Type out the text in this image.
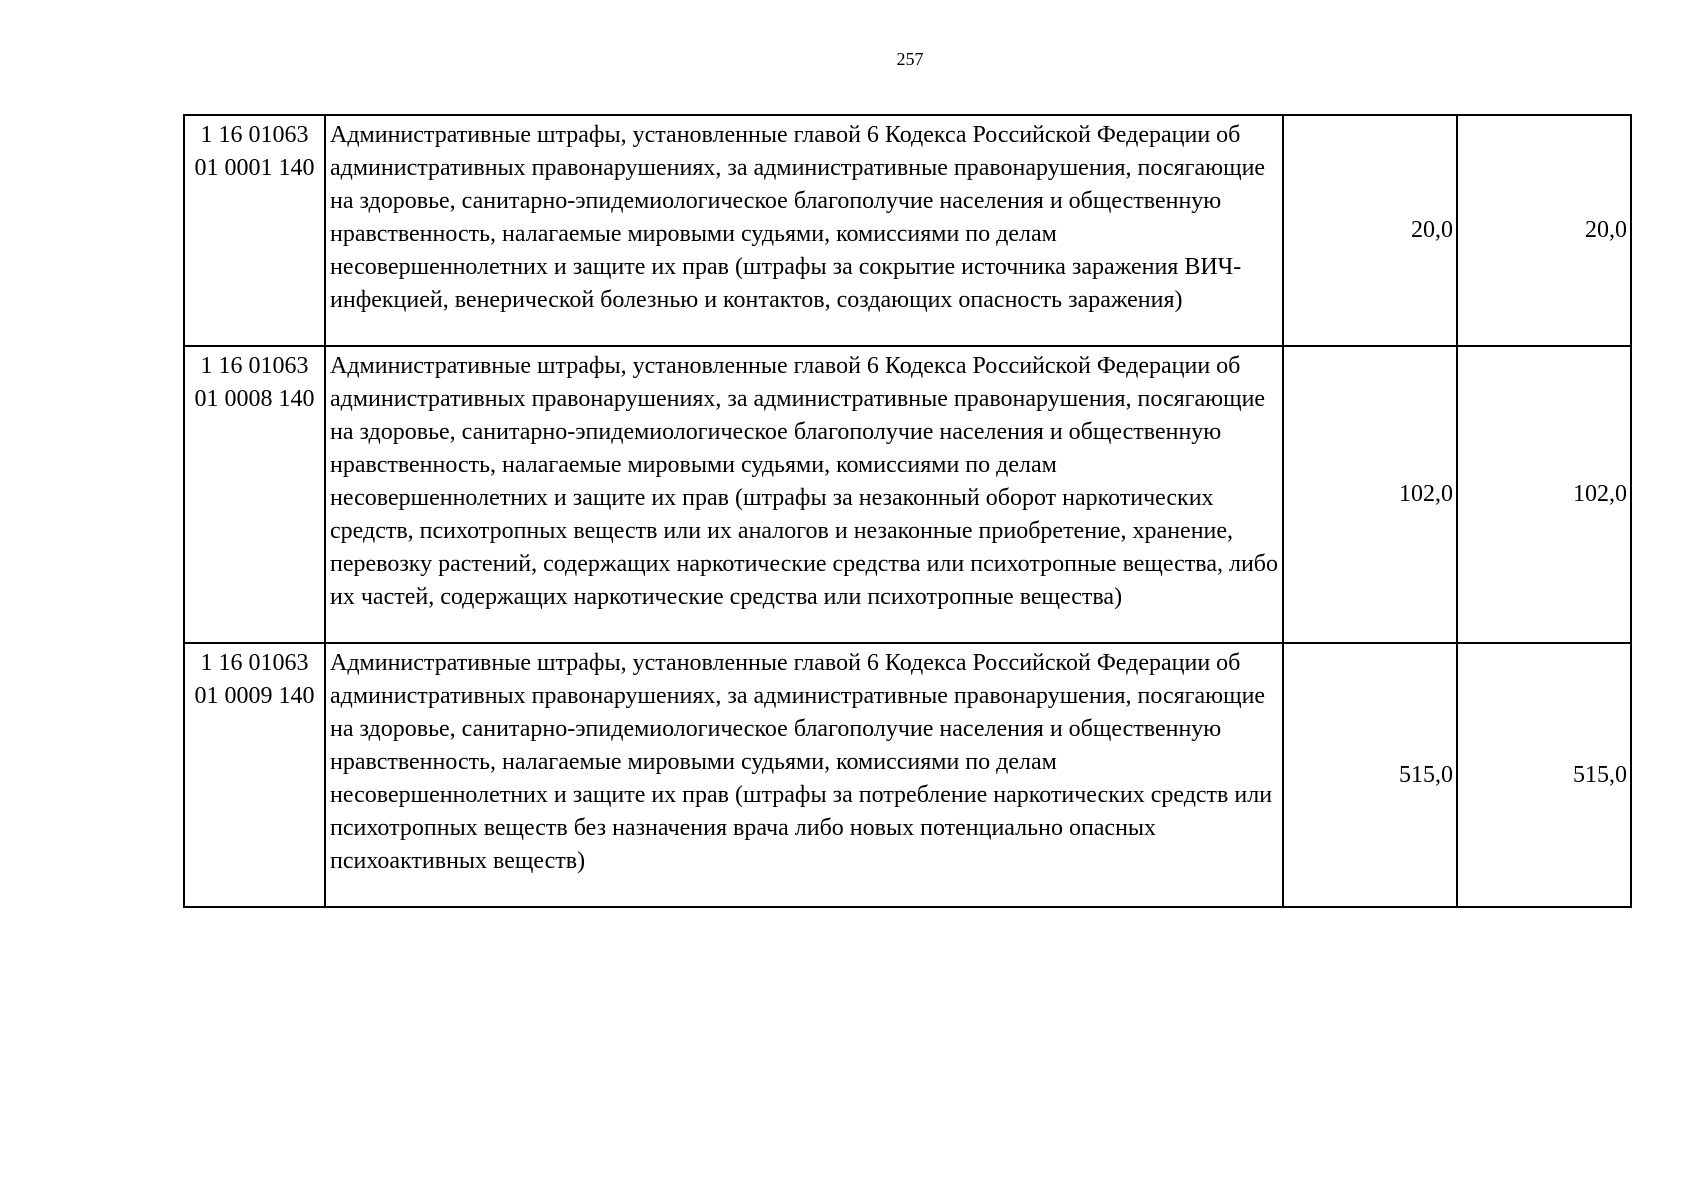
257
1 16 01063
01 0001 140	Административные штрафы, установленные главой 6 Кодекса Российской Федерации об административных правонарушениях, за административные правонарушения, посягающие на здоровье, санитарно-эпидемиологическое благополучие населения и общественную нравственность, налагаемые мировыми судьями, комиссиями по делам несовершеннолетних и защите их прав (штрафы за сокрытие источника заражения ВИЧ-инфекцией, венерической болезнью и контактов, создающих опасность заражения)	20,0	20,0

1 16 01063
01 0008 140	Административные штрафы, установленные главой 6 Кодекса Российской Федерации об административных правонарушениях, за административные правонарушения, посягающие на здоровье, санитарно-эпидемиологическое благополучие населения и общественную нравственность, налагаемые мировыми судьями, комиссиями по делам несовершеннолетних и защите их прав (штрафы за незаконный оборот наркотических средств, психотропных веществ или их аналогов и незаконные приобретение, хранение, перевозку растений, содержащих наркотические средства или психотропные вещества, либо их частей, содержащих наркотические средства или психотропные вещества)	102,0	102,0

1 16 01063
01 0009 140	Административные штрафы, установленные главой 6 Кодекса Российской Федерации об административных правонарушениях, за административные правонарушения, посягающие на здоровье, санитарно-эпидемиологическое благополучие населения и общественную нравственность, налагаемые мировыми судьями, комиссиями по делам несовершеннолетних и защите их прав (штрафы за потребление наркотических средств или психотропных веществ без назначения врача либо новых потенциально опасных психоактивных веществ)	515,0	515,0
